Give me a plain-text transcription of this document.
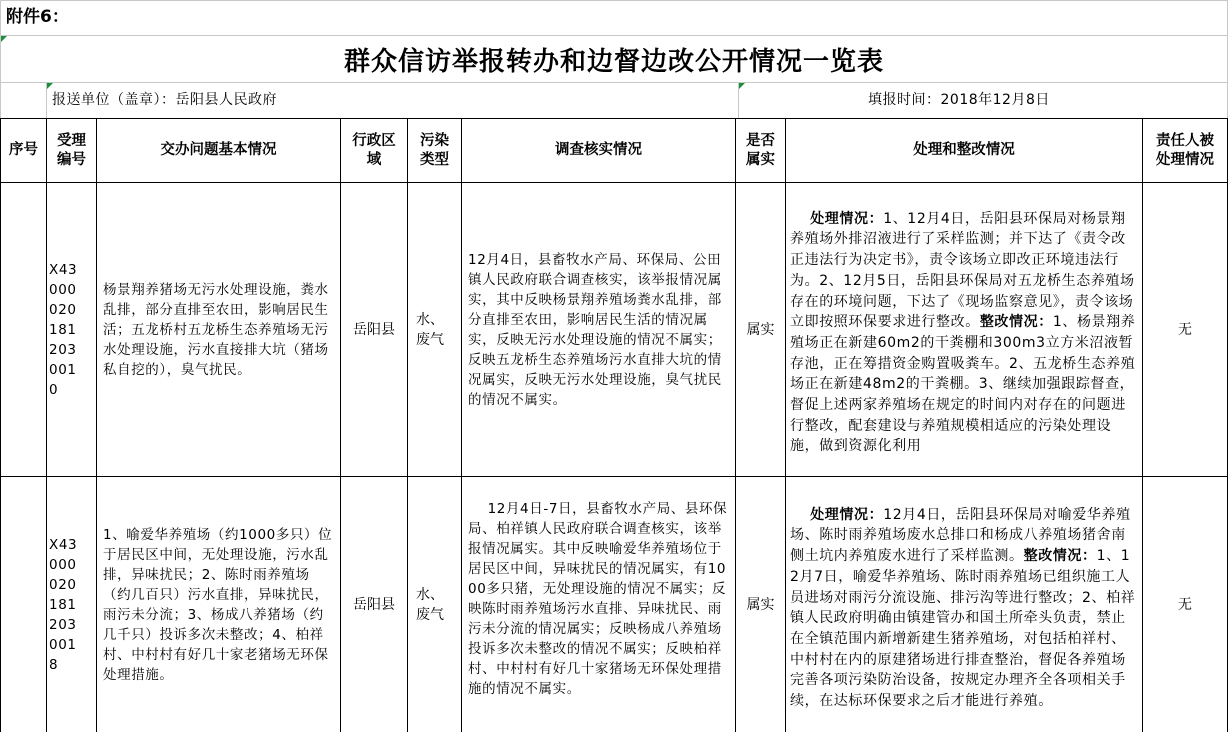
附件6：
群众信访举报转办和边督边改公开情况一览表
报送单位（盖章）：岳阳县人民政府	填报时间：2018年12月8日
序号
受理编号
交办问题基本情况
行政区域
污染类型
调查核实情况
是否属实
处理和整改情况
责任人被处理情况
X430000201812030010
杨景翔养猪场无污水处理设施，粪水乱排，部分直排至农田，影响居民生活；五龙桥村五龙桥生态养殖场无污水处理设施，污水直接排大坑（猪场私自挖的），臭气扰民。
岳阳县
水、废气
12月4日，县畜牧水产局、环保局、公田镇人民政府联合调查核实，该举报情况属实，其中反映杨景翔养殖场粪水乱排，部分直排至农田，影响居民生活的情况属实，反映无污水处理设施的情况不属实；反映五龙桥生态养殖场污水直排大坑的情况属实，反映无污水处理设施，臭气扰民的情况不属实。
属实

处理情况：1、12月4日，岳阳县环保局对杨景翔养殖场外排沼液进行了采样监测；并下达了《责令改正违法行为决定书》，责令该场立即改正环境违法行为。2、12月5日，岳阳县环保局对五龙桥生态养殖场存在的环境问题，下达了《现场监察意见》，责令该场立即按照环保要求进行整改。整改情况：1、杨景翔养殖场正在新建60m2的干粪棚和300m3立方米沼液暂存池，正在筹措资金购置吸粪车。2、五龙桥生态养殖场正在新建48m2的干粪棚。3、继续加强跟踪督查，督促上述两家养殖场在规定的时间内对存在的问题进行整改，配套建设与养殖规模相适应的污染处理设施，做到资源化利用

无
X430000201812030018
1、喻爱华养殖场（约1000多只）位于居民区中间，无处理设施，污水乱排，异味扰民；2、陈时雨养殖场（约几百只）污水直排，异味扰民，雨污未分流；3、杨成八养猪场（约几千只）投诉多次未整改；4、柏祥村、中村村有好几十家老猪场无环保处理措施。
岳阳县
水、废气

12月4日-7日，县畜牧水产局、县环保局、柏祥镇人民政府联合调查核实，该举报情况属实。其中反映喻爱华养殖场位于居民区中间，异味扰民的情况属实，有1000多只猪，无处理设施的情况不属实；反映陈时雨养殖场污水直排、异味扰民、雨污未分流的情况属实；反映杨成八养殖场投诉多次未整改的情况不属实；反映柏祥村、中村村有好几十家猪场无环保处理措施的情况不属实。

属实

处理情况：12月4日，岳阳县环保局对喻爱华养殖场、陈时雨养殖场废水总排口和杨成八养殖场猪舍南侧土坑内养殖废水进行了采样监测。整改情况：1、12月7日，喻爱华养殖场、陈时雨养殖场已组织施工人员进场对雨污分流设施、排污沟等进行整改；2、柏祥镇人民政府明确由镇建管办和国土所牵头负责，禁止在全镇范围内新增新建生猪养殖场，对包括柏祥村、中村村在内的原建猪场进行排查整治，督促各养殖场完善各项污染防治设备，按规定办理齐全各项相关手续，在达标环保要求之后才能进行养殖。

无
